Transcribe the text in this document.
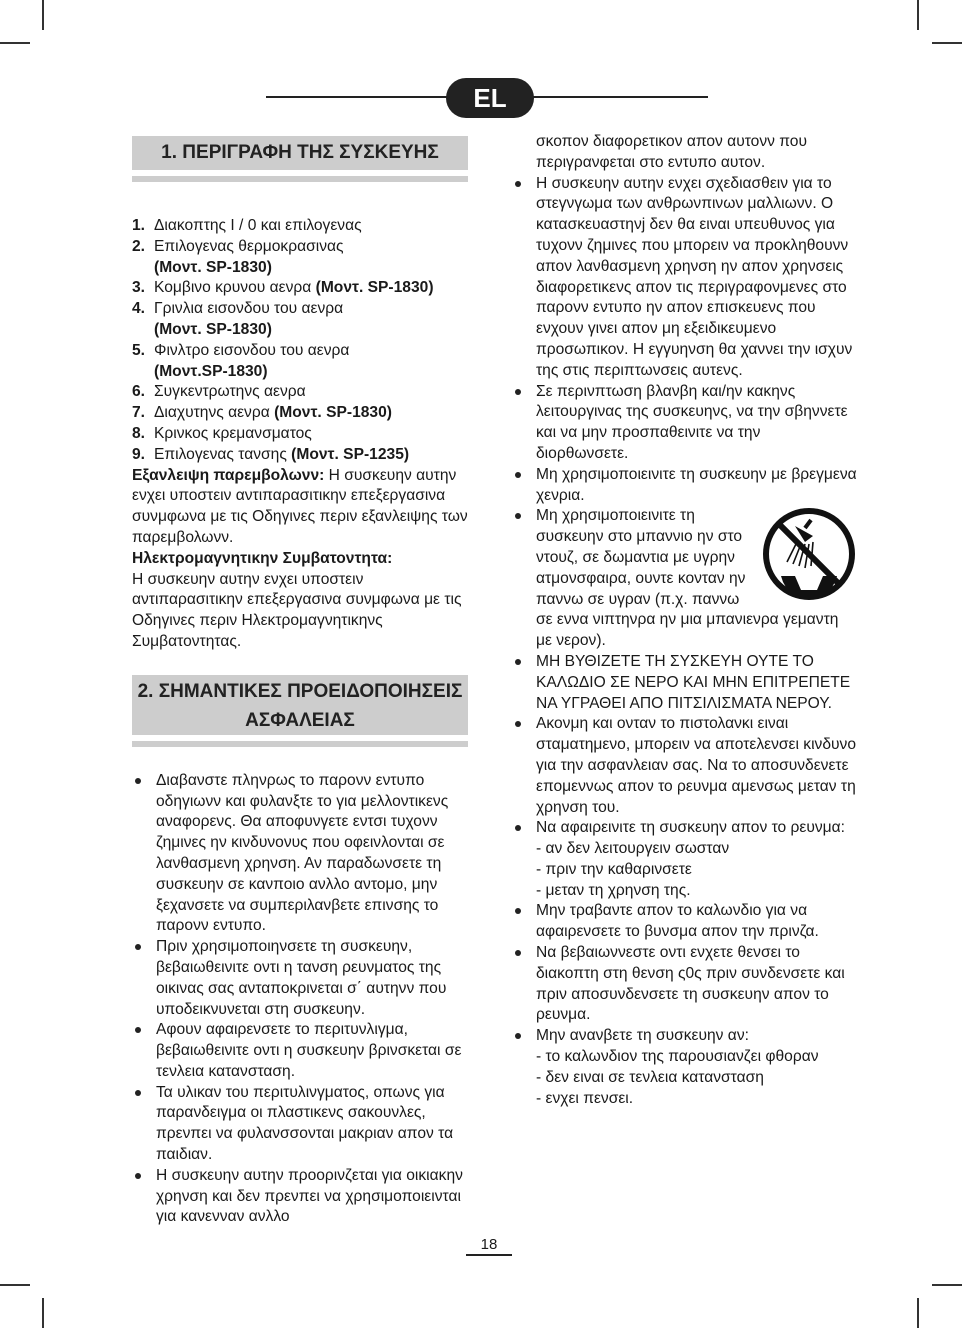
EL
1. ΠΕΡΙΓΡΑΦΗ ΤΗΣ ΣΥΣΚΕΥΗΣ
1. Διακοπτης I / 0 και επιλογενας
2. Επιλογενας θερμοκρασινας
(Μοντ. SP-1830)
3. Κομβινο κρυνου αενρα (Μοντ. SP-1830)
4. Γρινλια εισονδου του αενρα
(Μοντ. SP-1830)
5. Φινλτρο εισονδου του αενρα
(Μοντ.SP-1830)
6. Συγκεντρωτηνς αενρα
7. Διαχυτηνς αενρα (Μοντ. SP-1830)
8. Κρινκος κρεμανσματος
9. Επιλογενας τανσης (Μοντ. SP-1235)
Εξανλειψη παρεμβολωνν: Η συσκευην αυτην ενχει υποστειν αντιπαρασιτικην επεξεργασινα συνμφωνα με τις Οδηγινες περιν εξανλειψης των παρεμβολωνν.
Ηλεκτρομαγνητικην Συμβατοντητα:
Η συσκευην αυτην ενχει υποστειν αντιπαρασιτικην επεξεργασινα συνμφωνα με τις Οδηγινες περιν Ηλεκτρομαγνητικηνς Συμβατοντητας.
2. ΣΗΜΑΝΤΙΚΕΣ ΠΡΟΕΙΔΟΠΟΙΗΣΕΙΣ
ΑΣΦΑΛΕΙΑΣ
Διαβανστε πληνρως το παρονν εντυπο οδηγιωνν και φυλανξτε το για μελλοντικενς αναφορενς. Θα αποφυνγετε εντσι τυχονν ζημινες ην κινδυνονυς που οφεινλονται σε λανθασμενη χρηνση. Αν παραδωνσετε τη συσκευην σε κανποιο ανλλο αντομο, μην ξεχανσετε να συμπεριλανβετε επινσης το παρονν εντυπο.
Πριν χρησιμοποιηνσετε τη συσκευην, βεβαιωθεινιτε οντι η τανση ρευνματος της οικινας σας ανταποκρινεται σ΄ αυτηνν που υποδεικνυνεται στη συσκευην.
Αφουν αφαιρενσετε το περιτυνλιγμα, βεβαιωθεινιτε οντι η συσκευην βρινσκεται σε τενλεια κατανσταση.
Τα υλικαν του περιτυλινγματος, οπωνς για παρανδειγμα οι πλαστικενς σακουνλες, πρενπει να φυλανσσονται μακριαν απον τα παιδιαν.
Η συσκευην αυτην προορινζεται για οικιακην χρηνση και δεν πρενπει να χρησιμοποιεινται για κανενναν ανλλο
σκοπον διαφορετικον απον αυτονν που περιγρανφεται στο εντυπο αυτον.
Η συσκευην αυτην ενχει σχεδιασθειν για το στεγνγωμα των ανθρωνπινων μαλλιωνν. Ο κατασκευαστηνj δεν θα ειναι υπευθυνος για τυχονν ζημινες που μπορειν να προκληθουνν απον λανθασμενη χρηνση ην απον χρηνσεις διαφορετικενς απον τις περιγραφονμενες στο παρονν εντυπο ην απον επισκευενς που ενχουν γινει απον μη εξειδικευμενο προσωπικον. Η εγγυηνση θα χαννει την ισχυν της στις περιπτωνσεις αυτενς.
Σε περινπτωση βλανβη και/ην κακηνς λειτουργινας της συσκευηνς, να την σβηννετε και να μην προσπαθεινιτε να την διορθωνσετε.
Μη χρησιμοποιεινιτε τη συσκευην με βρεγμενα χενρια.
Μη χρησιμοποιεινιτε τη συσκευην στο μπαννιο ην στο ντουζ, σε δωμαντια με υγρην ατμονσφαιρα, ουντε κονταν ην παννω σε υγραν (π.χ. παννω σε εννα νιπτηνρα ην μια μπανιενρα γεμαντη με νερον).
ΜΗ ΒΥΘΙΖΕΤΕ ΤΗ ΣΥΣΚΕΥΗ ΟΥΤΕ ΤΟ ΚΑΛΩΔΙΟ ΣΕ ΝΕΡΟ ΚΑΙ ΜΗΝ ΕΠΙΤΡΕΠΕΤΕ ΝΑ ΥΓΡΑΘΕΙ ΑΠΟ ΠΙΤΣΙΛΙΣΜΑΤΑ ΝΕΡΟΥ.
Ακονμη και ονταν το πιστολανκι ειναι σταματημενο, μπορειν να αποτελενσει κινδυνο για την ασφανλειαν σας. Να το αποσυνδενετε επομεννως απον το ρευνμα αμενσως μεταν τη χρηνση του.
Να αφαιρεινιτε τη συσκευην απον το ρευνμα:
- αν δεν λειτουργειν σωσταν
- πριν την καθαρινσετε
- μεταν τη χρηνση της.
Μην τραβαντε απον το καλωνδιο για να αφαιρενσετε το βυνσμα απον την πρινζα.
Να βεβαιωννεστε οντι ενχετε θενσει το διακοπτη στη θενση ς0ς πριν συνδενσετε και πριν αποσυνδενσετε τη συσκευην απον το ρευνμα.
Μην ανανβετε τη συσκευην αν:
- το καλωνδιον της παρουσιανζει φθοραν
- δεν ειναι σε τενλεια κατανσταση
- ενχει πενσει.
18
